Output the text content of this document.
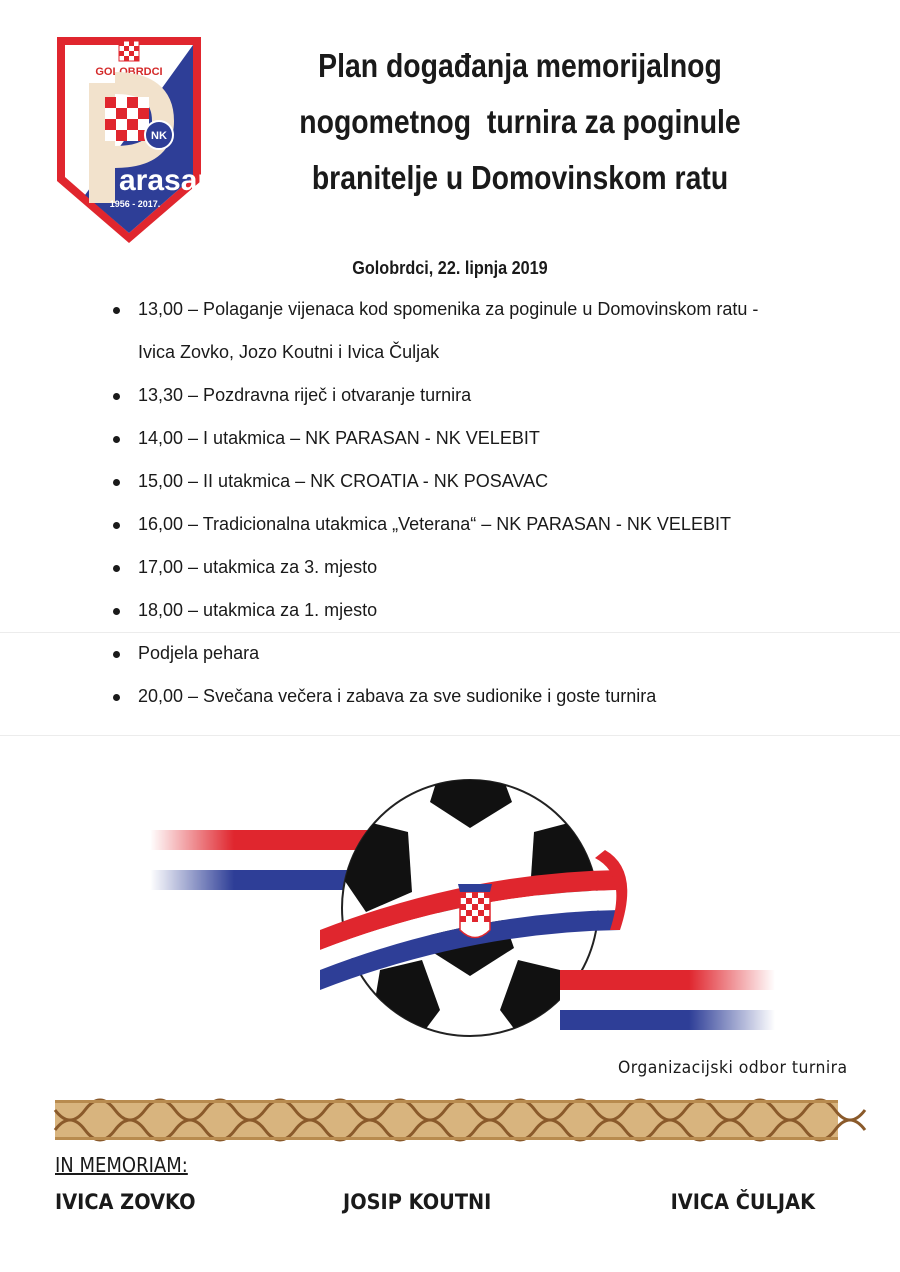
GOLOBRDCI
NK
arasan
1956 - 2017.
Plan događanja memorijalnog
nogometnog  turnira za poginule
branitelje u Domovinskom ratu
Golobrdci, 22. lipnja 2019
13,00 – Polaganje vijenaca kod spomenika za poginule u Domovinskom ratu -
Ivica Zovko, Jozo Koutni i Ivica Čuljak
13,30 – Pozdravna riječ i otvaranje turnira
14,00 – I utakmica – NK PARASAN - NK VELEBIT
15,00 – II utakmica – NK CROATIA - NK POSAVAC
16,00 – Tradicionalna utakmica „Veterana“ – NK PARASAN - NK VELEBIT
17,00 – utakmica za 3. mjesto
18,00 – utakmica za 1. mjesto
Podjela pehara
20,00 – Svečana večera i zabava za sve sudionike i goste turnira
Organizacijski odbor turnira
IN MEMORIAM:
IVICA ZOVKO	JOSIP KOUTNI	IVICA ČULJAK
